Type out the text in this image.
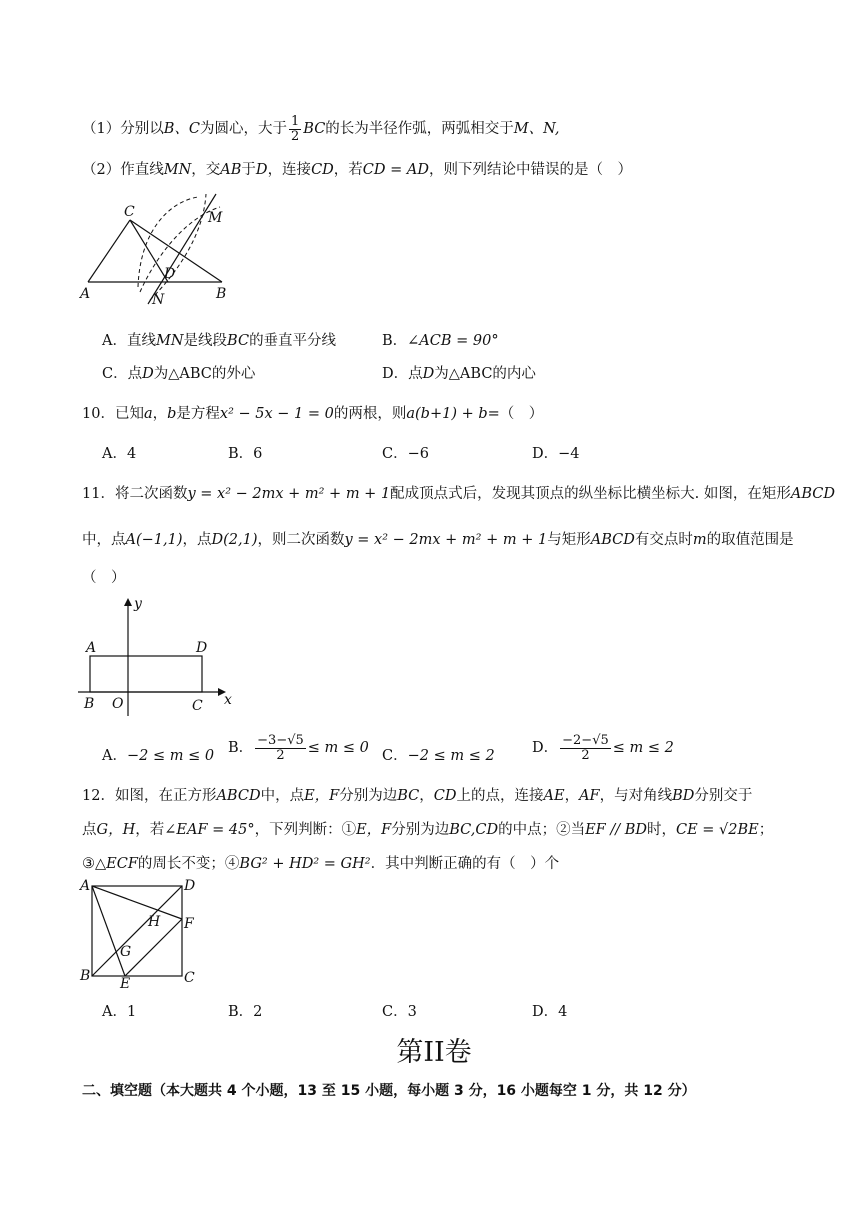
（1）分别以B、C为圆心，大于 $\frac{1}{2}$ BC的长为半径作弧，两弧相交于M、N,
（2）作直线MN，交AB于D，连接CD，若CD = AD，则下列结论中错误的是（　）
C	M
D
A	N	B
A．直线MN是线段BC的垂直平分线	B．∠ACB = 90°
C．点D为△ABC的外心	D．点D为△ABC的内心
10．已知a，b是方程x² − 5x − 1 = 0的两根，则a(b+1) + b=（　）
A．4	B．6	C．−6	D．−4
11．将二次函数y = x² − 2mx + m² + m + 1配成顶点式后，发现其顶点的纵坐标比横坐标大. 如图，在矩形ABCD
中，点A(−1,1)，点D(2,1)，则二次函数y = x² − 2mx + m² + m + 1与矩形ABCD有交点时m的取值范围是
（　）
y
A	D
B O	C x
A．−2 ≤ m ≤ 0 B． $\frac{-3-√5}{2} \le m \le 0$ C．−2 ≤ m ≤ 2	D． $\frac{-2-√5}{2} \le m \le 2$
12．如图，在正方形ABCD中，点E，F分别为边BC，CD上的点，连接AE，AF，与对角线BD分别交于
点G，H，若∠EAF = 45°，下列判断：①E，F分别为边BC,CD的中点；②当EF // BD时，CE = √2BE；
③△ECF的周长不变；④BG² + HD² = GH²．其中判断正确的有（　）个
A	D
H F
G
B E	C
A．1	B．2	C．3	D．4
第II卷
二、填空题（本大题共 4 个小题，13 至 15 小题，每小题 3 分，16 小题每空 1 分，共 12 分）
